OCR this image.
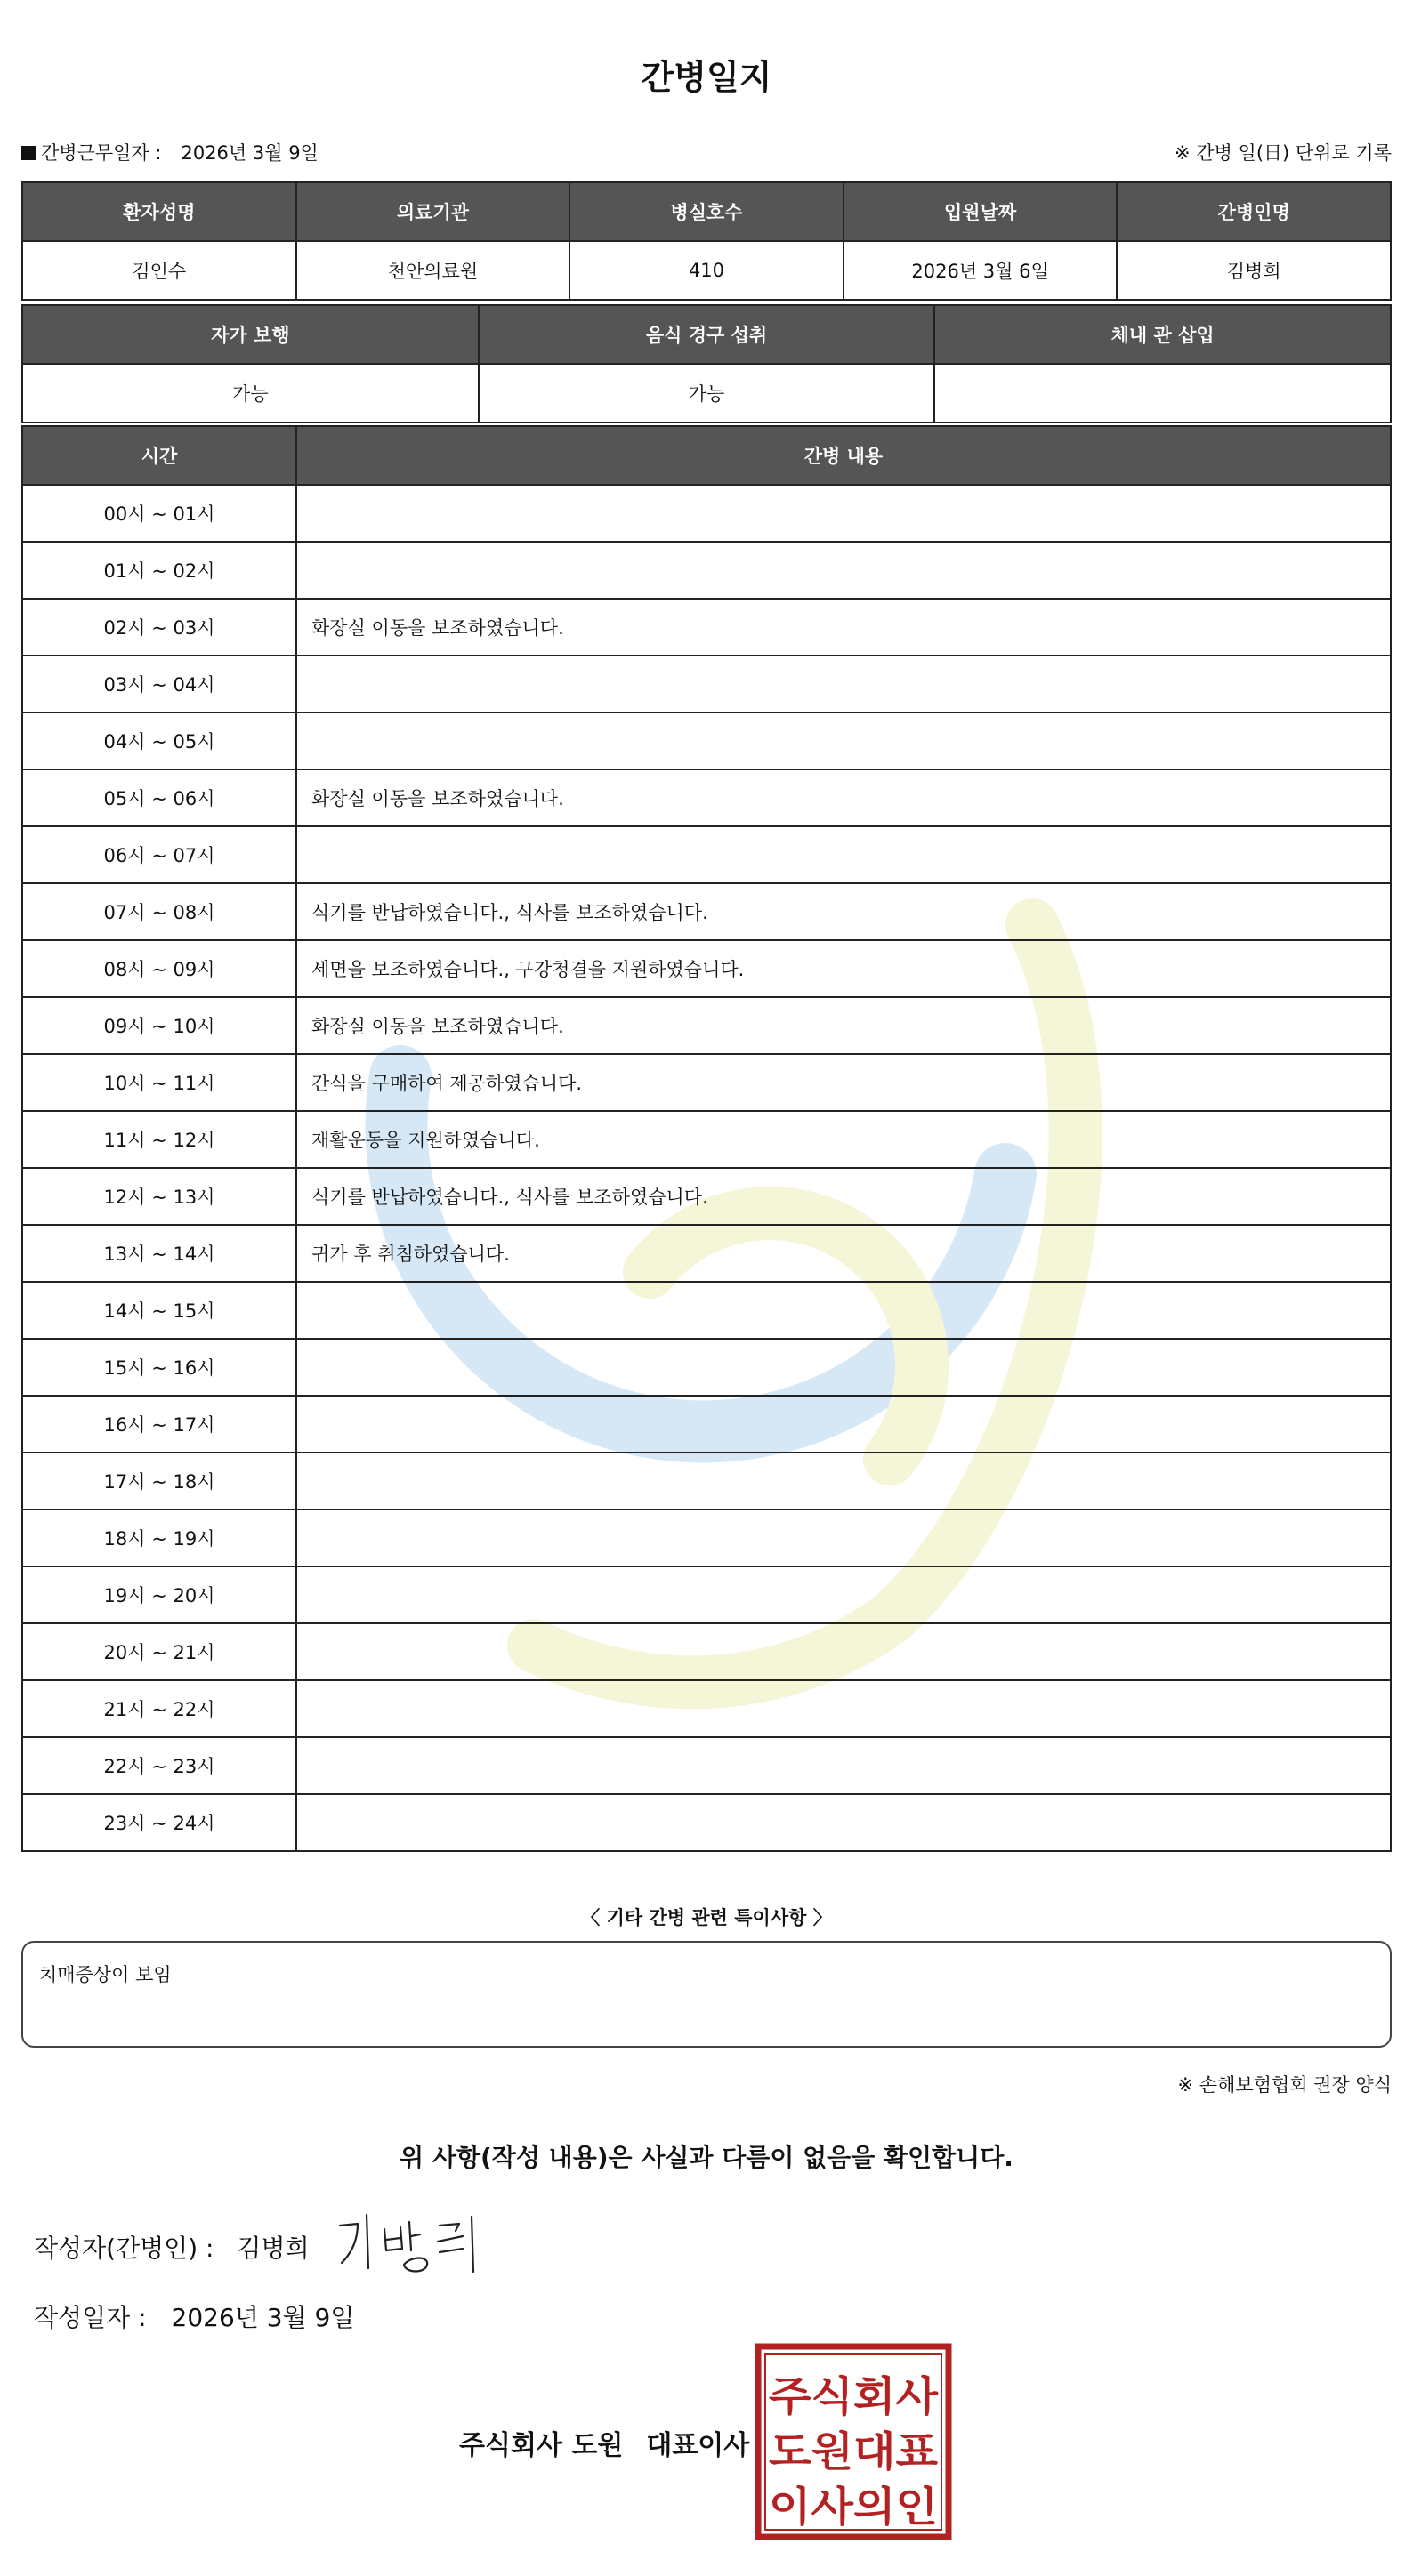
간병일지
간병근무일자 : 2026년 3월 9일	※ 간병 일(日) 단위로 기록
환자성명	의료기관	병실호수	입원날짜	간병인명
김인수	천안의료원	410	2026년 3월 6일	김병희
자가 보행	음식 경구 섭취	체내 관 삽입
가능	가능	
시간	간병 내용
00시 ~ 01시	
01시 ~ 02시	
02시 ~ 03시	화장실 이동을 보조하였습니다.
03시 ~ 04시	
04시 ~ 05시	
05시 ~ 06시	화장실 이동을 보조하였습니다.
06시 ~ 07시	
07시 ~ 08시	식기를 반납하였습니다., 식사를 보조하였습니다.
08시 ~ 09시	세면을 보조하였습니다., 구강청결을 지원하였습니다.
09시 ~ 10시	화장실 이동을 보조하였습니다.
10시 ~ 11시	간식을 구매하여 제공하였습니다.
11시 ~ 12시	재활운동을 지원하였습니다.
12시 ~ 13시	식기를 반납하였습니다., 식사를 보조하였습니다.
13시 ~ 14시	귀가 후 취침하였습니다.
14시 ~ 15시	
15시 ~ 16시	
16시 ~ 17시	
17시 ~ 18시	
18시 ~ 19시	
19시 ~ 20시	
20시 ~ 21시	
21시 ~ 22시	
22시 ~ 23시	
23시 ~ 24시	
〈 기타 간병 관련 특이사항 〉
치매증상이 보임
※ 손해보험협회 권장 양식
위 사항(작성 내용)은 사실과 다름이 없음을 확인합니다.
작성자(간병인) : 김병희
작성일자 : 2026년 3월 9일
주식회사 도원 대표이사
주식회사
도원대표
이사의인
